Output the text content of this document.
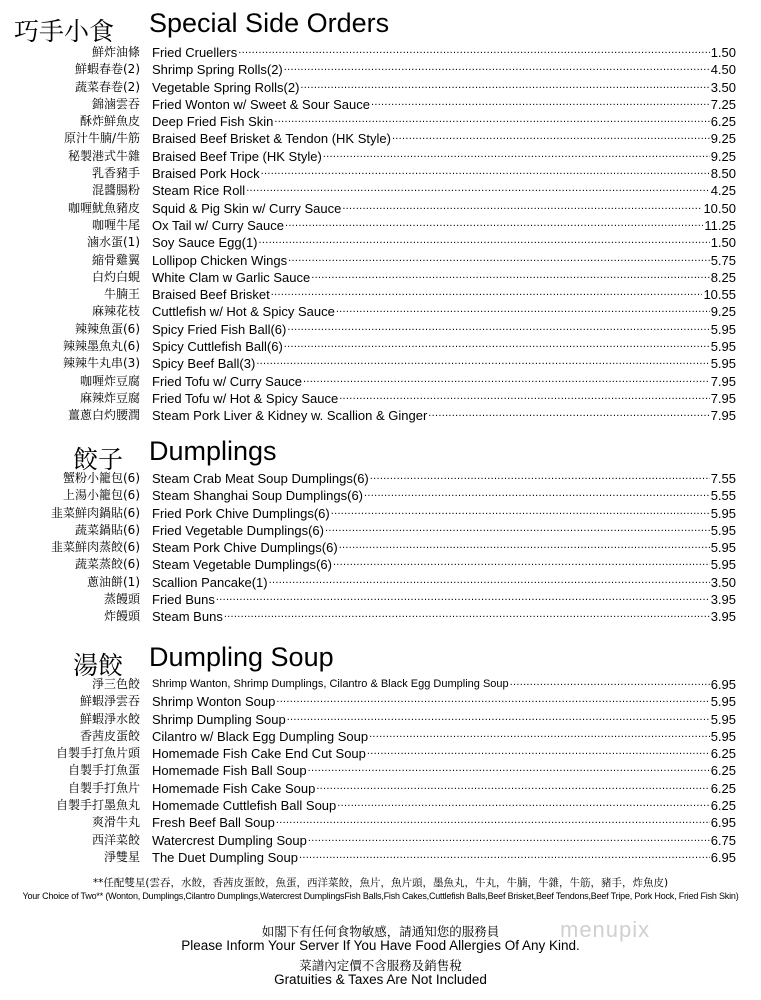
巧手小食 Special Side Orders
鮮炸油條 Fried Cruellers .....	1.50
鮮蝦春卷(2) Shrimp Spring Rolls(2) .....	4.50
蔬菜春卷(2) Vegetable Spring Rolls(2) .....	3.50
錦滷雲吞 Fried Wonton w/ Sweet & Sour Sauce .....	7.25
酥炸鮮魚皮 Deep Fried Fish Skin .....	6.25
原汁牛腩/牛筋 Braised Beef Brisket & Tendon (HK Style) .....	9.25
秘製港式牛雜 Braised Beef Tripe (HK Style) .....	9.25
乳香豬手 Braised Pork Hock .....	8.50
混醬腸粉 Steam Rice Roll .....	4.25
咖喱魷魚豬皮 Squid & Pig Skin w/ Curry Sauce .....	10.50
咖喱牛尾 Ox Tail w/ Curry Sauce .....	11.25
滷水蛋(1) Soy Sauce Egg(1) .....	1.50
縮骨雞翼 Lollipop Chicken Wings .....	5.75
白灼白蜆 White Clam w Garlic Sauce .....	8.25
牛腩王 Braised Beef Brisket .....	10.55
麻辣花枝 Cuttlefish w/ Hot & Spicy Sauce .....	9.25
辣辣魚蛋(6) Spicy Fried Fish Ball(6) .....	5.95
辣辣墨魚丸(6) Spicy Cuttlefish Ball(6) .....	5.95
辣辣牛丸串(3) Spicy Beef Ball(3) .....	5.95
咖喱炸豆腐 Fried Tofu w/ Curry Sauce .....	7.95
麻辣炸豆腐 Fried Tofu w/ Hot & Spicy Sauce .....	7.95
薑蔥白灼腰潤 Steam Pork Liver & Kidney w. Scallion & Ginger .....	7.95
餃子 Dumplings
蟹粉小籠包(6) Steam Crab Meat Soup Dumplings(6) .....	7.55
上湯小籠包(6) Steam Shanghai Soup Dumplings(6) .....	5.55
韭菜鮮肉鍋貼(6) Fried Pork Chive Dumplings(6) .....	5.95
蔬菜鍋貼(6) Fried Vegetable Dumplings(6) .....	5.95
韭菜鮮肉蒸餃(6) Steam Pork Chive Dumplings(6) .....	5.95
蔬菜蒸餃(6) Steam Vegetable Dumplings(6) .....	5.95
蔥油餅(1) Scallion Pancake(1) .....	3.50
蒸饅頭 Fried Buns .....	3.95
炸饅頭 Steam Buns .....	3.95
湯餃 Dumpling Soup
淨三色餃 Shrimp Wanton, Shrimp Dumplings, Cilantro & Black Egg Dumpling Soup .....	6.95
鮮蝦淨雲吞 Shrimp Wonton Soup .....	5.95
鮮蝦淨水餃 Shrimp Dumpling Soup .....	5.95
香茜皮蛋餃 Cilantro w/ Black Egg Dumpling Soup .....	5.95
自製手打魚片頭 Homemade Fish Cake End Cut Soup .....	6.25
自製手打魚蛋 Homemade Fish Ball Soup .....	6.25
自製手打魚片 Homemade Fish Cake Soup .....	6.25
自製手打墨魚丸 Homemade Cuttlefish Ball Soup .....	6.25
爽滑牛丸 Fresh Beef Ball Soup .....	6.95
西洋菜餃 Watercrest Dumpling Soup .....	6.75
淨雙星 The Duet Dumpling Soup .....	6.95
**任配雙星(雲吞，水餃，香茜皮蛋餃，魚蛋，西洋菜餃，魚片，魚片頭，墨魚丸，牛丸，牛腩，牛雜，牛筋，豬手，炸魚皮)
Your Choice of Two** (Wonton, Dumplings,Cilantro Dumplings,Watercrest DumplingsFish Balls,Fish Cakes,Cuttlefish Balls,Beef Brisket,Beef Tendons,Beef Tripe, Pork Hock, Fried Fish Skin)
menupix
如閣下有任何食物敏感，請通知您的服務員
Please Inform Your Server If You Have Food Allergies Of Any Kind.
菜譜內定價不含服務及銷售稅
Gratuities & Taxes Are Not Included
